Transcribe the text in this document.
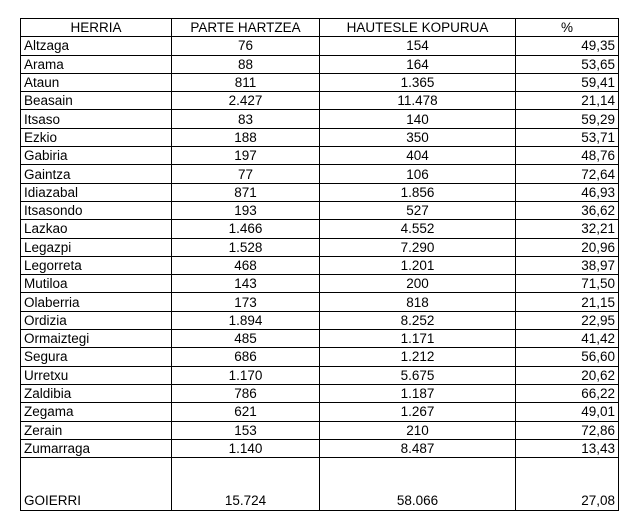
HERRIA	PARTE HARTZEA	HAUTESLE KOPURUA	%
Altzaga	76	154	49,35
Arama	88	164	53,65
Ataun	811	1.365	59,41
Beasain	2.427	11.478	21,14
Itsaso	83	140	59,29
Ezkio	188	350	53,71
Gabiria	197	404	48,76
Gaintza	77	106	72,64
Idiazabal	871	1.856	46,93
Itsasondo	193	527	36,62
Lazkao	1.466	4.552	32,21
Legazpi	1.528	7.290	20,96
Legorreta	468	1.201	38,97
Mutiloa	143	200	71,50
Olaberria	173	818	21,15
Ordizia	1.894	8.252	22,95
Ormaiztegi	485	1.171	41,42
Segura	686	1.212	56,60
Urretxu	1.170	5.675	20,62
Zaldibia	786	1.187	66,22
Zegama	621	1.267	49,01
Zerain	153	210	72,86
Zumarraga	1.140	8.487	13,43
GOIERRI	15.724	58.066	27,08
